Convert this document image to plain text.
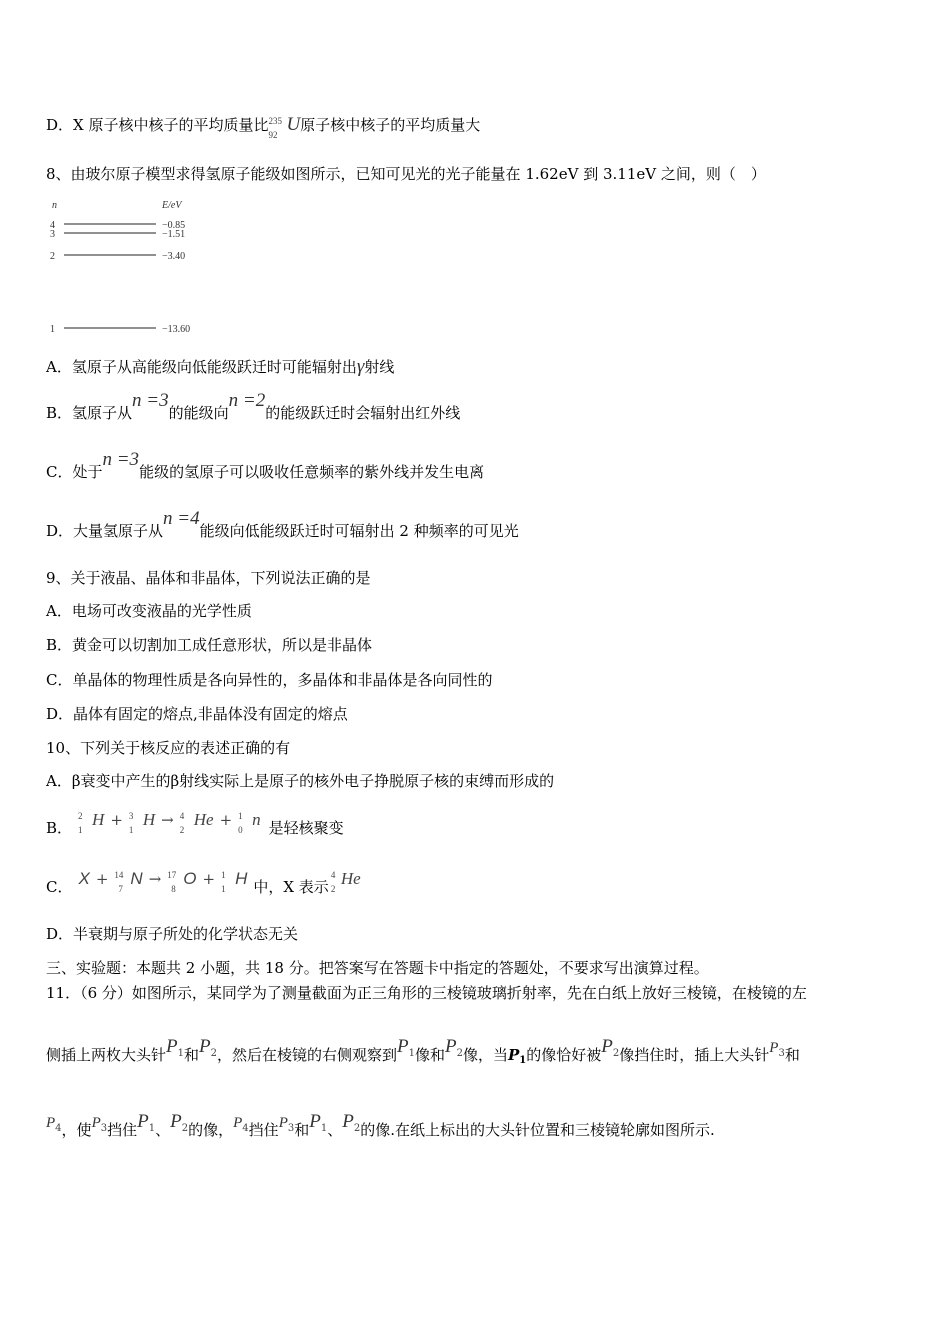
D．X 原子核中核子的平均质量比 235
92 U原子核中核子的平均质量大
8、由玻尔原子模型求得氢原子能级如图所示，已知可见光的光子能量在 1.62eV 到 3.11eV 之间，则（　）
n	E/eV
4	−0.85
3	−1.51
2	−3.40
1	−13.60
A．氢原子从高能级向低能级跃迁时可能辐射出γ射线
B．氢原子从n =3的能级向n =2的能级跃迁时会辐射出红外线
C．处于n =3能级的氢原子可以吸收任意频率的紫外线并发生电离
D．大量氢原子从n =4能级向低能级跃迁时可辐射出 2 种频率的可见光
9、关于液晶、晶体和非晶体，下列说法正确的是
A．电场可改变液晶的光学性质
B．黄金可以切割加工成任意形状，所以是非晶体
C．单晶体的物理性质是各向异性的，多晶体和非晶体是各向同性的
D．晶体有固定的熔点,非晶体没有固定的熔点
10、下列关于核反应的表述正确的有
A．β衰变中产生的β射线实际上是原子的核外电子挣脱原子核的束缚而形成的
B．
2
1
H + 3
1
H → 4
2
He + 1
0
n 是轻核聚变
C． X + 14
7
N → 17
8
O + 1
1
H 中，X 表示
4
2
He
D．半衰期与原子所处的化学状态无关
三、实验题：本题共 2 小题，共 18 分。把答案写在答题卡中指定的答题处，不要求写出演算过程。
11．（6 分）如图所示，某同学为了测量截面为正三角形的三棱镜玻璃折射率，先在白纸上放好三棱镜，在棱镜的左
侧插上两枚大头针$P_1$和$P_2$，然后在棱镜的右侧观察到$P_1$像和$P_2$像，当$P_1$的像恰好被$P_2$像挡住时，插上大头针$P_3$和
$P_4$，使$P_3$挡住$P_1$、$P_2$的像，$P_4$挡住$P_3$和$P_1$、$P_2$的像.在纸上标出的大头针位置和三棱镜轮廓如图所示.
